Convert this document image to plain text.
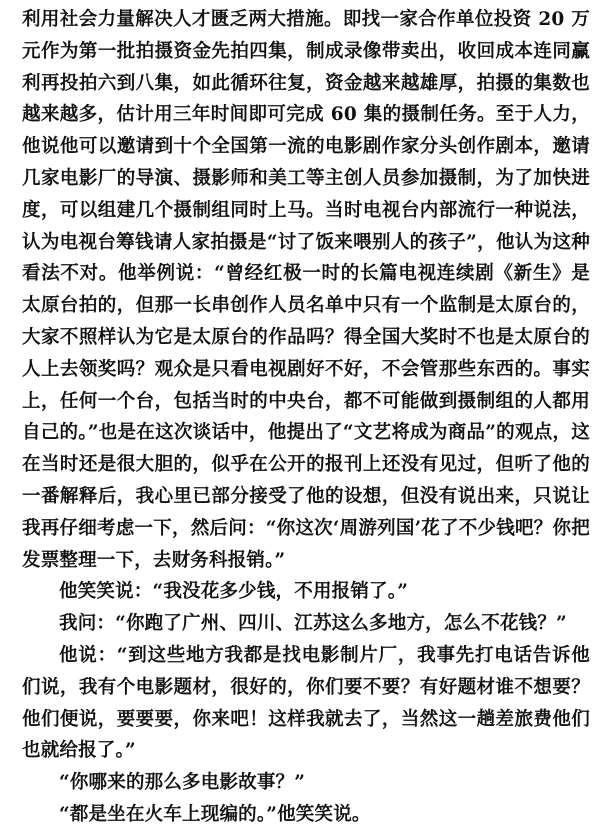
利用社会力量解决人才匮乏两大措施。即找一家合作单位投资 20 万元作为第一批拍摄资金先拍四集，制成录像带卖出，收回成本连同赢利再投拍六到八集，如此循环往复，资金越来越雄厚，拍摄的集数也越来越多，估计用三年时间即可完成 60 集的摄制任务。至于人力，他说他可以邀请到十个全国第一流的电影剧作家分头创作剧本，邀请几家电影厂的导演、摄影师和美工等主创人员参加摄制，为了加快进度，可以组建几个摄制组同时上马。当时电视台内部流行一种说法，认为电视台筹钱请人家拍摄是“讨了饭来喂别人的孩子”，他认为这种看法不对。他举例说：“曾经红极一时的长篇电视连续剧《新生》是太原台拍的，但那一长串创作人员名单中只有一个监制是太原台的，大家不照样认为它是太原台的作品吗？得全国大奖时不也是太原台的人上去领奖吗？观众是只看电视剧好不好，不会管那些东西的。事实上，任何一个台，包括当时的中央台，都不可能做到摄制组的人都用自己的。”也是在这次谈话中，他提出了“文艺将成为商品”的观点，这在当时还是很大胆的，似乎在公开的报刊上还没有见过，但听了他的一番解释后，我心里已部分接受了他的设想，但没有说出来，只说让我再仔细考虑一下，然后问：“你这次‘周游列国’花了不少钱吧？你把发票整理一下，去财务科报销。”

他笑笑说：“我没花多少钱，不用报销了。”

我问：“你跑了广州、四川、江苏这么多地方，怎么不花钱？”

他说：“到这些地方我都是找电影制片厂，我事先打电话告诉他们说，我有个电影题材，很好的，你们要不要？有好题材谁不想要？他们便说，要要要，你来吧！这样我就去了，当然这一趟差旅费他们也就给报了。”

“你哪来的那么多电影故事？”

“都是坐在火车上现编的。”他笑笑说。
